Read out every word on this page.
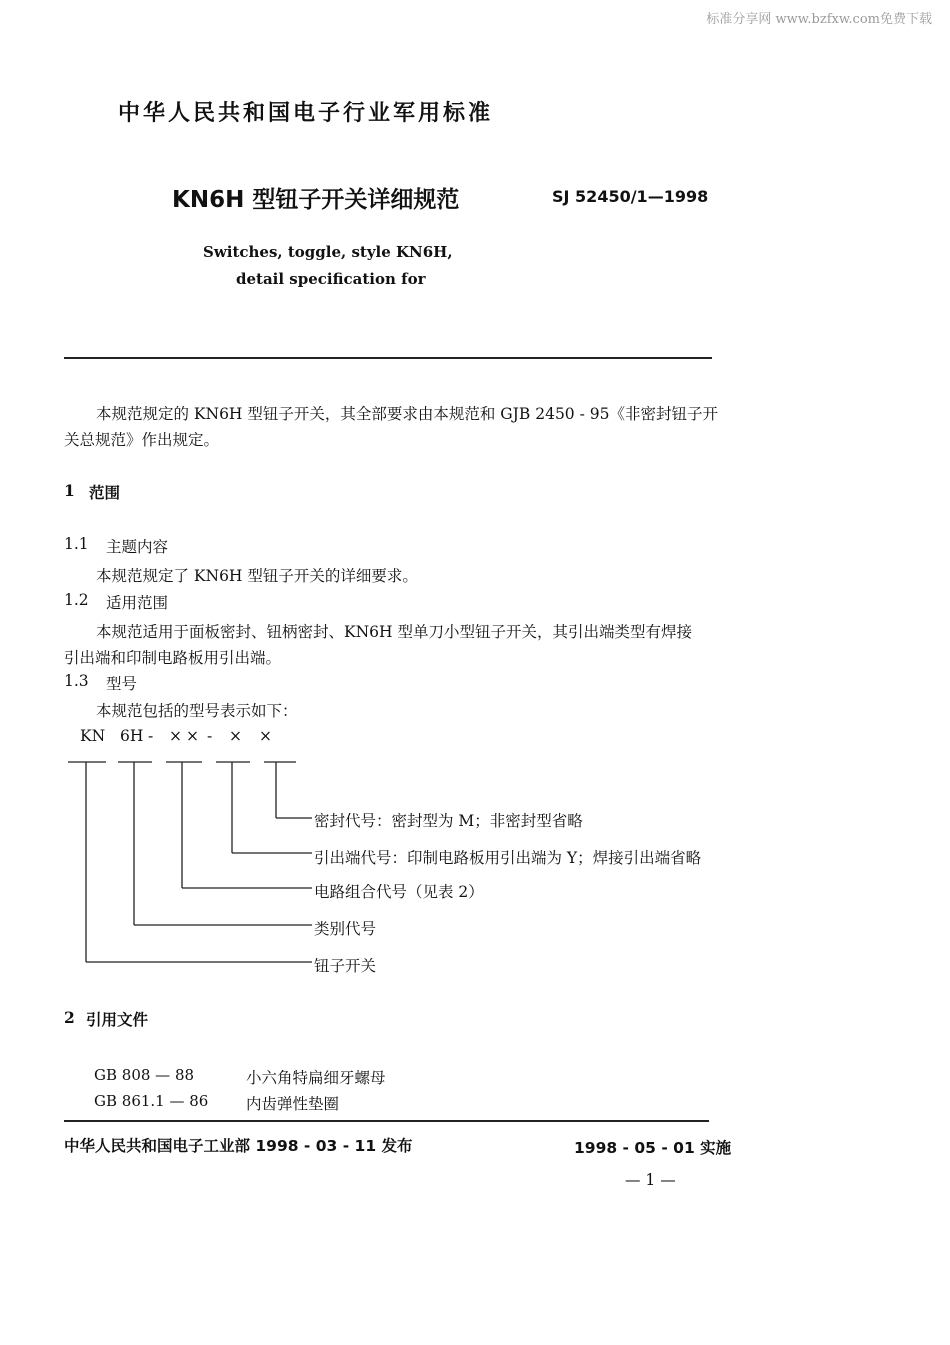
标准分享网 www.bzfxw.com免费下载
中华人民共和国电子行业军用标准
KN6H 型钮子开关详细规范	SJ 52450/1—1998
Switches, toggle, style KN6H,
detail specification for
本规范规定的 KN6H 型钮子开关，其全部要求由本规范和 GJB 2450 - 95《非密封钮子开
关总规范》作出规定。
1 范围
1.1 主题内容
本规范规定了 KN6H 型钮子开关的详细要求。
1.2 适用范围
本规范适用于面板密封、钮柄密封、KN6H 型单刀小型钮子开关，其引出端类型有焊接
引出端和印制电路板用引出端。
1.3 型号
本规范包括的型号表示如下：
KN 6H - × × - × ×
密封代号：密封型为 M；非密封型省略
引出端代号：印制电路板用引出端为 Y；焊接引出端省略
电路组合代号（见表 2）
类别代号
钮子开关
2 引用文件
GB 808 — 88	小六角特扁细牙螺母
GB 861.1 — 86 内齿弹性垫圈
中华人民共和国电子工业部 1998 - 03 - 11 发布	1998 - 05 - 01 实施
— 1 —
